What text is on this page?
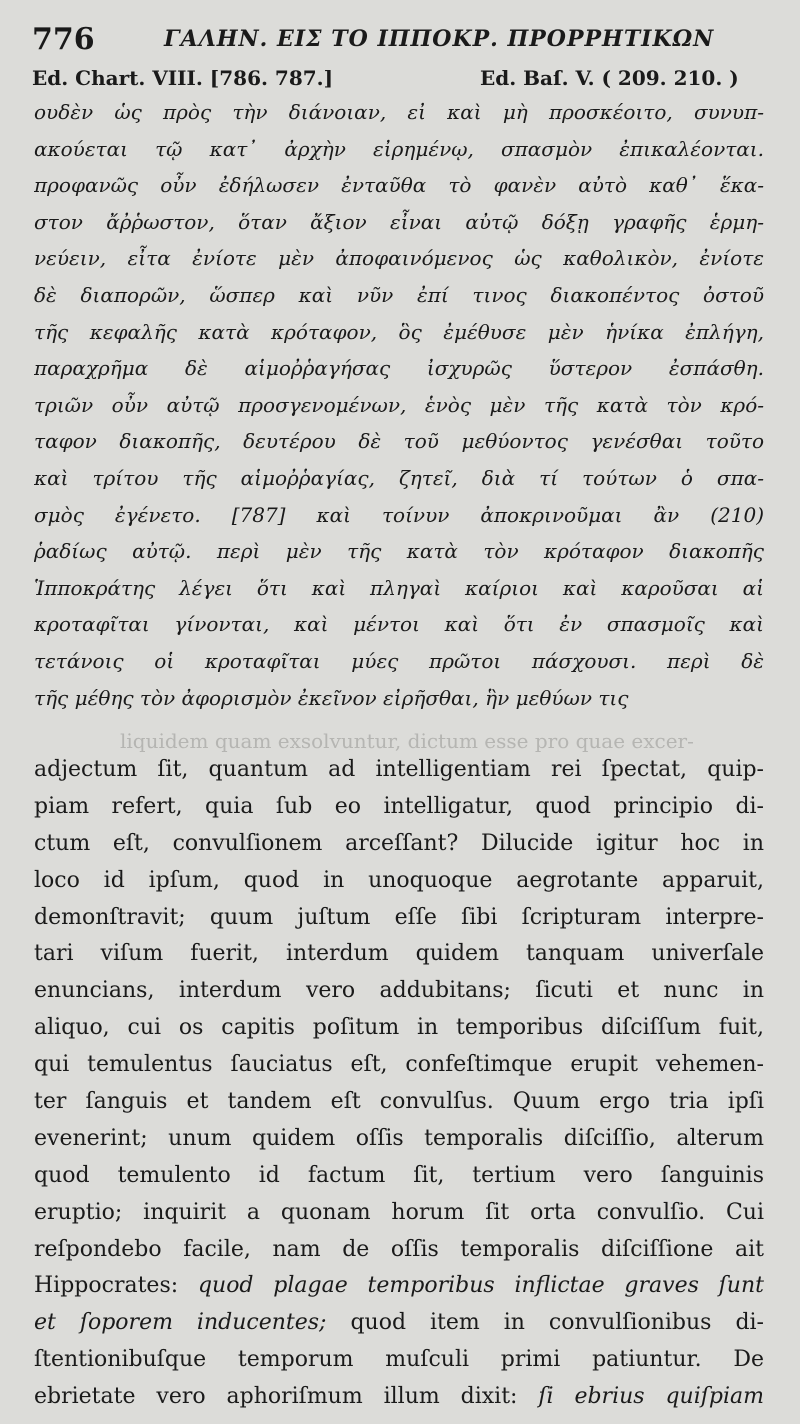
776	ΓΑΛΗΝ. ΕΙΣ ΤΟ ΙΠΠΟΚΡ. ΠΡΟΡΡΗΤΙΚΩΝ
Ed. Chart. VIII. [786. 787.]	Ed. Baſ. V. ( 209. 210. )
ουδὲν ὡς πρὸς τὴν διάνοιαν, εἰ καὶ μὴ προσκέοιτο, συνυπ-
ακούεται τῷ κατ᾽ ἀρχὴν εἰρημένῳ, σπασμὸν ἐπικαλέονται.
προφανῶς οὖν ἐδήλωσεν ἐνταῦθα τὸ φανὲν αὐτὸ καθ᾽ ἕκα-
στον ἄῤῥωστον, ὅταν ἄξιον εἶναι αὐτῷ δόξῃ γραφῆς ἑρμη-
νεύειν, εἶτα ἐνίοτε μὲν ἀποφαινόμενος ὡς καθολικὸν, ἐνίοτε
δὲ διαπορῶν, ὥσπερ καὶ νῦν ἐπί τινος διακοπέντος ὀστοῦ
τῆς κεφαλῆς κατὰ κρόταφον, ὃς ἐμέθυσε μὲν ἡνίκα ἐπλήγη,
παραχρῆμα δὲ αἱμοῤῥαγήσας ἰσχυρῶς ὕστερον ἐσπάσθη.
τριῶν οὖν αὐτῷ προσγενομένων, ἑνὸς μὲν τῆς κατὰ τὸν κρό-
ταφον διακοπῆς, δευτέρου δὲ τοῦ μεθύοντος γενέσθαι τοῦτο
καὶ τρίτου τῆς αἱμοῤῥαγίας, ζητεῖ, διὰ τί τούτων ὁ σπα-
σμὸς ἐγένετο. [787] καὶ τοίνυν ἀποκρινοῦμαι ἂν (210)
ῥαδίως αὐτῷ. περὶ μὲν τῆς κατὰ τὸν κρόταφον διακοπῆς
Ἱπποκράτης λέγει ὅτι καὶ πληγαὶ καίριοι καὶ καροῦσαι αἱ
κροταφῖται γίνονται, καὶ μέντοι καὶ ὅτι ἐν σπασμοῖς καὶ
τετάνοις οἱ κροταφῖται μύες πρῶτοι πάσχουσι. περὶ δὲ
τῆς μέθης τὸν ἀφορισμὸν ἐκεῖνον εἰρῆσθαι, ἣν μεθύων τις
liquidem quam exsolvuntur, dictum esse pro quae excer-
adjectum ſit, quantum ad intelligentiam rei ſpectat, quip-
piam refert, quia ſub eo intelligatur, quod principio di-
ctum eſt, convulſionem arceſſant? Dilucide igitur hoc in
loco id ipſum, quod in unoquoque aegrotante apparuit,
demonſtravit; quum juſtum eſſe ſibi ſcripturam interpre-
tari viſum fuerit, interdum quidem tanquam univerſale
enuncians, interdum vero addubitans; ſicuti et nunc in
aliquo, cui os capitis poſitum in temporibus diſciſſum fuit,
qui temulentus ſauciatus eſt, confeſtimque erupit vehemen-
ter ſanguis et tandem eſt convulſus. Quum ergo tria ipſi
evenerint; unum quidem oſſis temporalis diſciſſio, alterum
quod temulento id factum ſit, tertium vero ſanguinis
eruptio; inquirit a quonam horum ſit orta convulſio. Cui
reſpondebo facile, nam de oſſis temporalis diſciſſione ait
Hippocrates: quod plagae temporibus inflictae graves ſunt
et ſoporem inducentes; quod item in convulſionibus di-
ſtentionibuſque temporum muſculi primi patiuntur. De
ebrietate vero aphoriſmum illum dixit: ſi ebrius quiſpiam
